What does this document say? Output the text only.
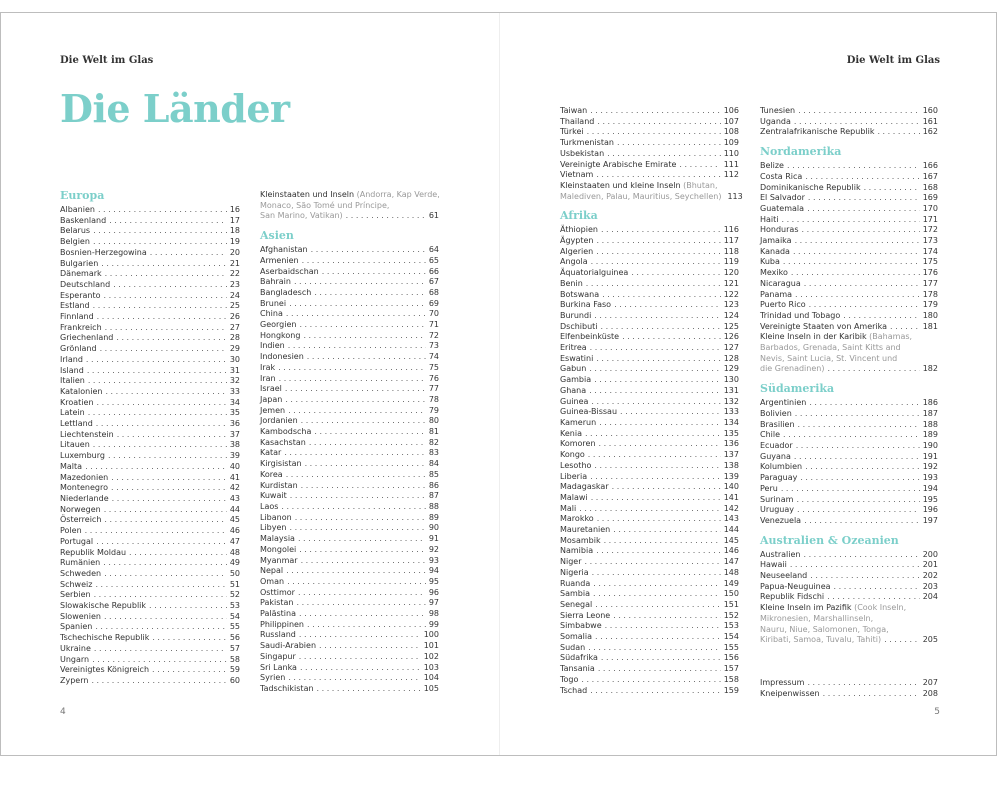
Die Welt im Glas	Die Welt im Glas
Die Länder
Europa
Albanien . . .	16
Baskenland . . .	17
Belarus . . .	18
Belgien . . .	19
Bosnien-Herzegowina . . .	20
Bulgarien . . .	21
Dänemark . . .	22
Deutschland . . .	23
Esperanto . . .	24
Estland . . .	25
Finnland . . .	26
Frankreich . . .	27
Griechenland . . .	28
Grönland . . .	29
Irland . . .	30
Island . . .	31
Italien . . .	32
Katalonien . . .	33
Kroatien . . .	34
Latein . . .	35
Lettland . . .	36
Liechtenstein . . .	37
Litauen . . .	38
Luxemburg . . .	39
Malta . . .	40
Mazedonien . . .	41
Montenegro . . .	42
Niederlande . . .	43
Norwegen . . .	44
Österreich . . .	45
Polen . . .	46
Portugal . . .	47
Republik Moldau . . .	48
Rumänien . . .	49
Schweden . . .	50
Schweiz . . .	51
Serbien . . .	52
Slowakische Republik . . .	53
Slowenien . . .	54
Spanien . . .	55
Tschechische Republik . . .	56
Ukraine . . .	57
Ungarn . . .	58
Vereinigtes Königreich . . .	59
Zypern . . .	60
Kleinstaaten und Inseln (Andorra, Kap Verde,
Monaco, São Tomé und Príncipe,
San Marino, Vatikan) . . .	61
Asien
Afghanistan . . .	64
Armenien . . .	65
Aserbaidschan . . .	66
Bahrain . . .	67
Bangladesch . . .	68
Brunei . . .	69
China . . .	70
Georgien . . .	71
Hongkong . . .	72
Indien . . .	73
Indonesien . . .	74
Irak . . .	75
Iran . . .	76
Israel . . .	77
Japan . . .	78
Jemen . . .	79
Jordanien . . .	80
Kambodscha . . .	81
Kasachstan . . .	82
Katar . . .	83
Kirgisistan . . .	84
Korea . . .	85
Kurdistan . . .	86
Kuwait . . .	87
Laos . . .	88
Libanon . . .	89
Libyen . . .	90
Malaysia . . .	91
Mongolei . . .	92
Myanmar . . .	93
Nepal . . .	94
Oman . . .	95
Osttimor . . .	96
Pakistan . . .	97
Palästina . . .	98
Philippinen . . .	99
Russland . . .	100
Saudi-Arabien . . .	101
Singapur . . .	102
Sri Lanka . . .	103
Syrien . . .	104
Tadschikistan . . .	105
Taiwan . . .	106
Thailand . . .	107
Türkei . . .	108
Turkmenistan . . .	109
Usbekistan . . .	110
Vereinigte Arabische Emirate . . .	111
Vietnam . . .	112
Kleinstaaten und kleine Inseln (Bhutan,
Malediven, Palau, Mauritius, Seychellen) 113
Afrika
Äthiopien . . .	116
Ägypten . . .	117
Algerien . . .	118
Angola . . .	119
Äquatorialguinea . . .	120
Benin . . .	121
Botswana . . .	122
Burkina Faso . . .	123
Burundi . . .	124
Dschibuti . . .	125
Elfenbeinküste . . .	126
Eritrea . . .	127
Eswatini . . .	128
Gabun . . .	129
Gambia . . .	130
Ghana . . .	131
Guinea . . .	132
Guinea-Bissau . . .	133
Kamerun . . .	134
Kenia . . .	135
Komoren . . .	136
Kongo . . .	137
Lesotho . . .	138
Liberia . . .	139
Madagaskar . . .	140
Malawi . . .	141
Mali . . .	142
Marokko . . .	143
Mauretanien . . .	144
Mosambik . . .	145
Namibia . . .	146
Niger . . .	147
Nigeria . . .	148
Ruanda . . .	149
Sambia . . .	150
Senegal . . .	151
Sierra Leone . . .	152
Simbabwe . . .	153
Somalia . . .	154
Sudan . . .	155
Südafrika . . .	156
Tansania . . .	157
Togo . . .	158
Tschad . . .	159
Tunesien . . .	160
Uganda . . .	161
Zentralafrikanische Republik . . .	162
Nordamerika
Belize . . .	166
Costa Rica . . .	167
Dominikanische Republik . . .	168
El Salvador . . .	169
Guatemala . . .	170
Haiti . . .	171
Honduras . . .	172
Jamaika . . .	173
Kanada . . .	174
Kuba . . .	175
Mexiko . . .	176
Nicaragua . . .	177
Panama . . .	178
Puerto Rico . . .	179
Trinidad und Tobago . . .	180
Vereinigte Staaten von Amerika . . .	181
Kleine Inseln in der Karibik (Bahamas,
Barbados, Grenada, Saint Kitts and
Nevis, Saint Lucia, St. Vincent und
die Grenadinen) . . .	182
Südamerika
Argentinien . . .	186
Bolivien . . .	187
Brasilien . . .	188
Chile . . .	189
Ecuador . . .	190
Guyana . . .	191
Kolumbien . . .	192
Paraguay . . .	193
Peru . . .	194
Surinam . . .	195
Uruguay . . .	196
Venezuela . . .	197
Australien & Ozeanien
Australien . . .	200
Hawaii . . .	201
Neuseeland . . .	202
Papua-Neuguinea . . .	203
Republik Fidschi . . .	204
Kleine Inseln im Pazifik (Cook Inseln,
Mikronesien, Marshallinseln,
Nauru, Niue, Salomonen, Tonga,
Kiribati, Samoa, Tuvalu, Tahiti) . . .	205
Impressum . . .	207
Kneipenwissen . . .	208
4	5
